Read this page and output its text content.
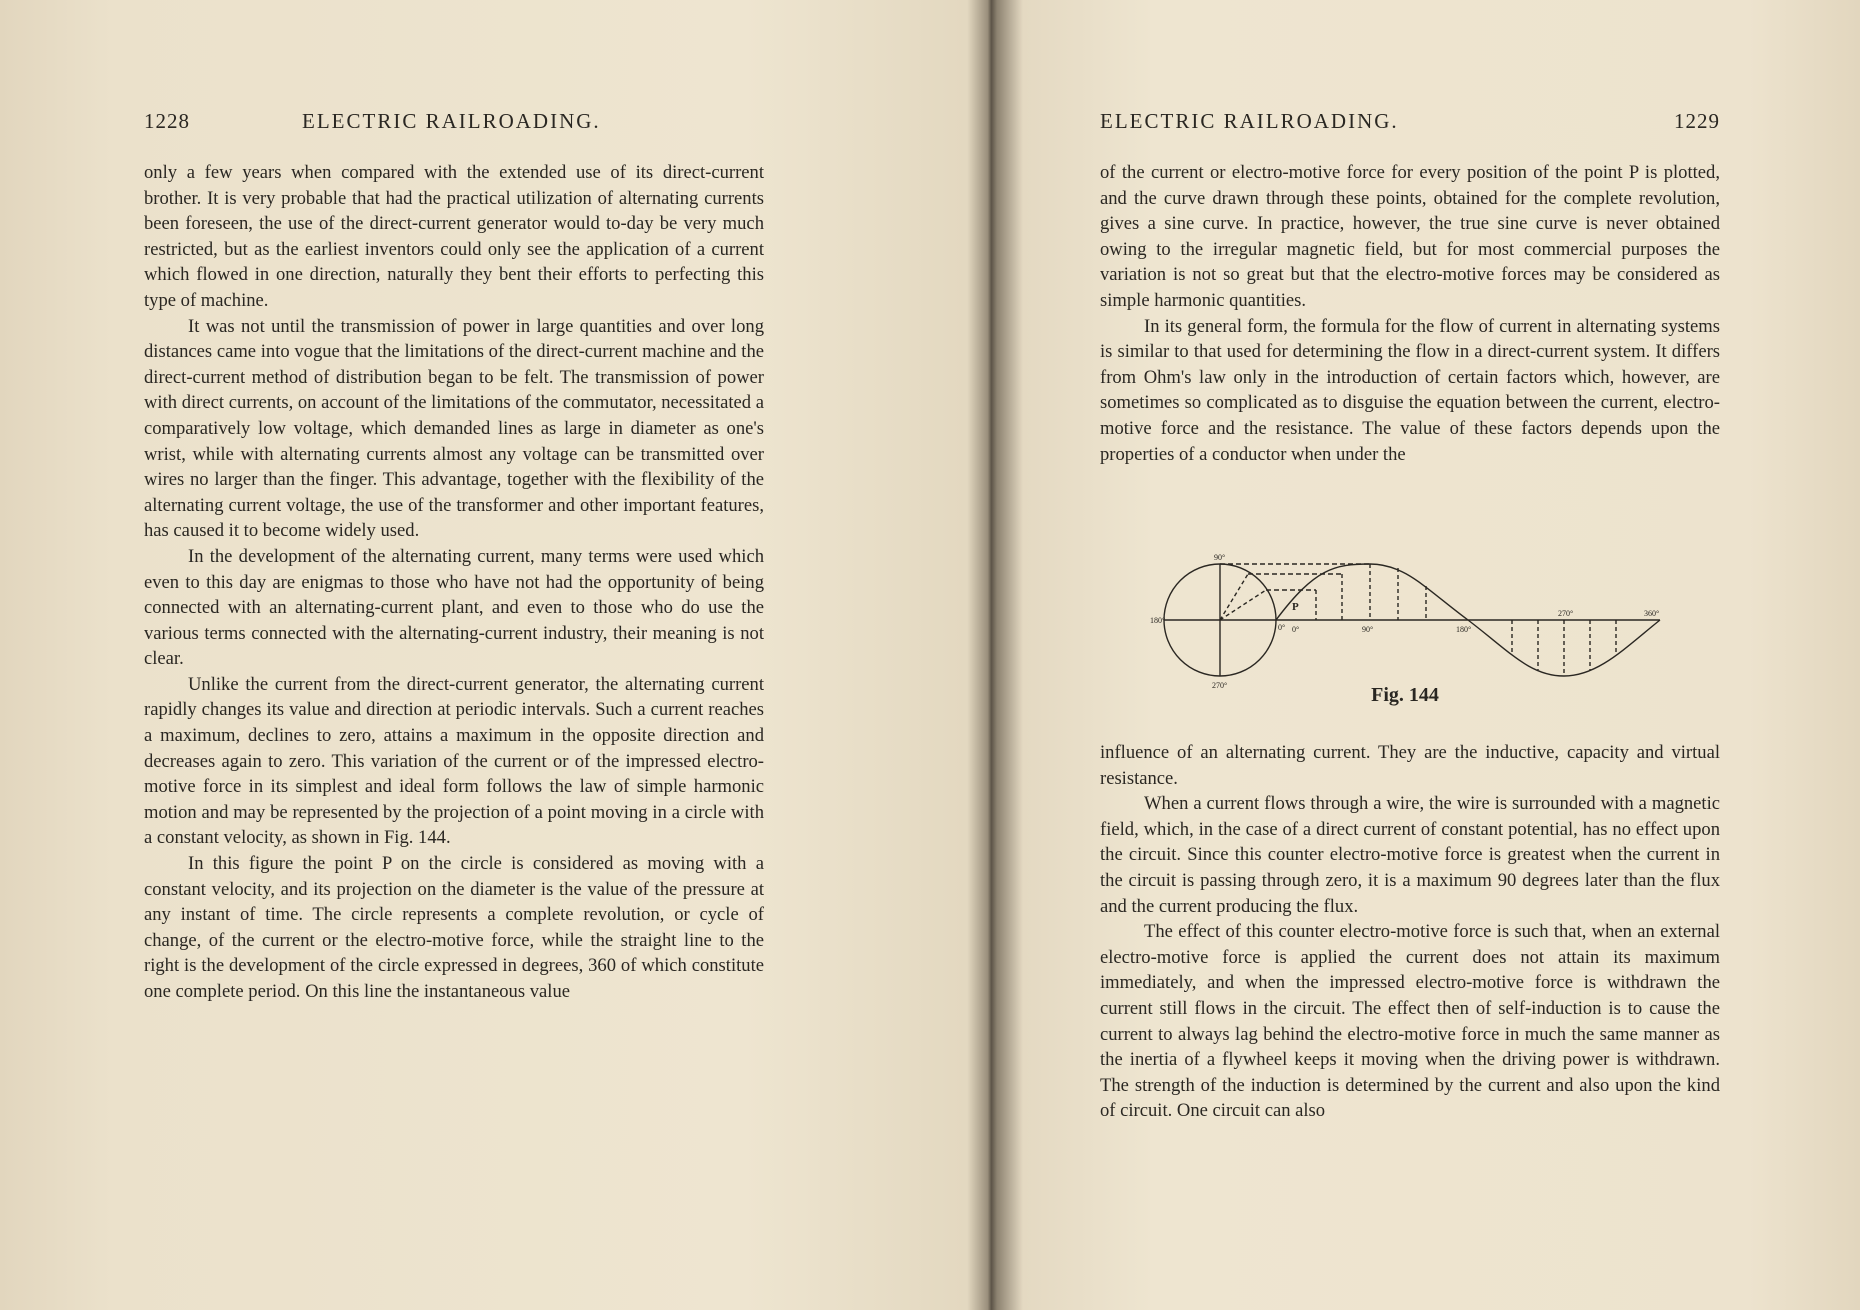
1228	ELECTRIC RAILROADING.

only a few years when compared with the extended use of its direct-current brother. It is very probable that had the practical utilization of alternating currents been foreseen, the use of the direct-current generator would to-day be very much restricted, but as the earliest inventors could only see the application of a current which flowed in one direction, naturally they bent their efforts to perfecting this type of machine.

It was not until the transmission of power in large quantities and over long distances came into vogue that the limitations of the direct-current machine and the direct-current method of distribution began to be felt. The transmission of power with direct currents, on account of the limitations of the commutator, necessitated a comparatively low voltage, which demanded lines as large in diameter as one's wrist, while with alternating currents almost any voltage can be transmitted over wires no larger than the finger. This advantage, together with the flexibility of the alternating current voltage, the use of the transformer and other important features, has caused it to become widely used.

In the development of the alternating current, many terms were used which even to this day are enigmas to those who have not had the opportunity of being connected with an alternating-current plant, and even to those who do use the various terms connected with the alternating-current industry, their meaning is not clear.

Unlike the current from the direct-current generator, the alternating current rapidly changes its value and direction at periodic intervals. Such a current reaches a maximum, declines to zero, attains a maximum in the opposite direction and decreases again to zero. This variation of the current or of the impressed electro-motive force in its simplest and ideal form follows the law of simple harmonic motion and may be represented by the projection of a point moving in a circle with a constant velocity, as shown in Fig. 144.

In this figure the point P on the circle is considered as moving with a constant velocity, and its projection on the diameter is the value of the pressure at any instant of time. The circle represents a complete revolution, or cycle of change, of the current or the electro-motive force, while the straight line to the right is the development of the circle expressed in degrees, 360 of which constitute one complete period. On this line the instantaneous value

ELECTRIC RAILROADING.	1229

of the current or electro-motive force for every position of the point P is plotted, and the curve drawn through these points, obtained for the complete revolution, gives a sine curve. In practice, however, the true sine curve is never obtained owing to the irregular magnetic field, but for most commercial purposes the variation is not so great but that the electro-motive forces may be considered as simple harmonic quantities.

In its general form, the formula for the flow of current in alternating systems is similar to that used for determining the flow in a direct-current system. It differs from Ohm's law only in the introduction of certain factors which, however, are sometimes so complicated as to disguise the equation between the current, electro-motive force and the resistance. The value of these factors depends upon the properties of a conductor when under the

90°
180°
0°
270°
P
0°	90°	180°
270°	360°
Fig. 144

influence of an alternating current. They are the inductive, capacity and virtual resistance.

When a current flows through a wire, the wire is surrounded with a magnetic field, which, in the case of a direct current of constant potential, has no effect upon the circuit. Since this counter electro-motive force is greatest when the current in the circuit is passing through zero, it is a maximum 90 degrees later than the flux and the current producing the flux.

The effect of this counter electro-motive force is such that, when an external electro-motive force is applied the current does not attain its maximum immediately, and when the impressed electro-motive force is withdrawn the current still flows in the circuit. The effect then of self-induction is to cause the current to always lag behind the electro-motive force in much the same manner as the inertia of a flywheel keeps it moving when the driving power is withdrawn. The strength of the induction is determined by the current and also upon the kind of circuit. One circuit can also
